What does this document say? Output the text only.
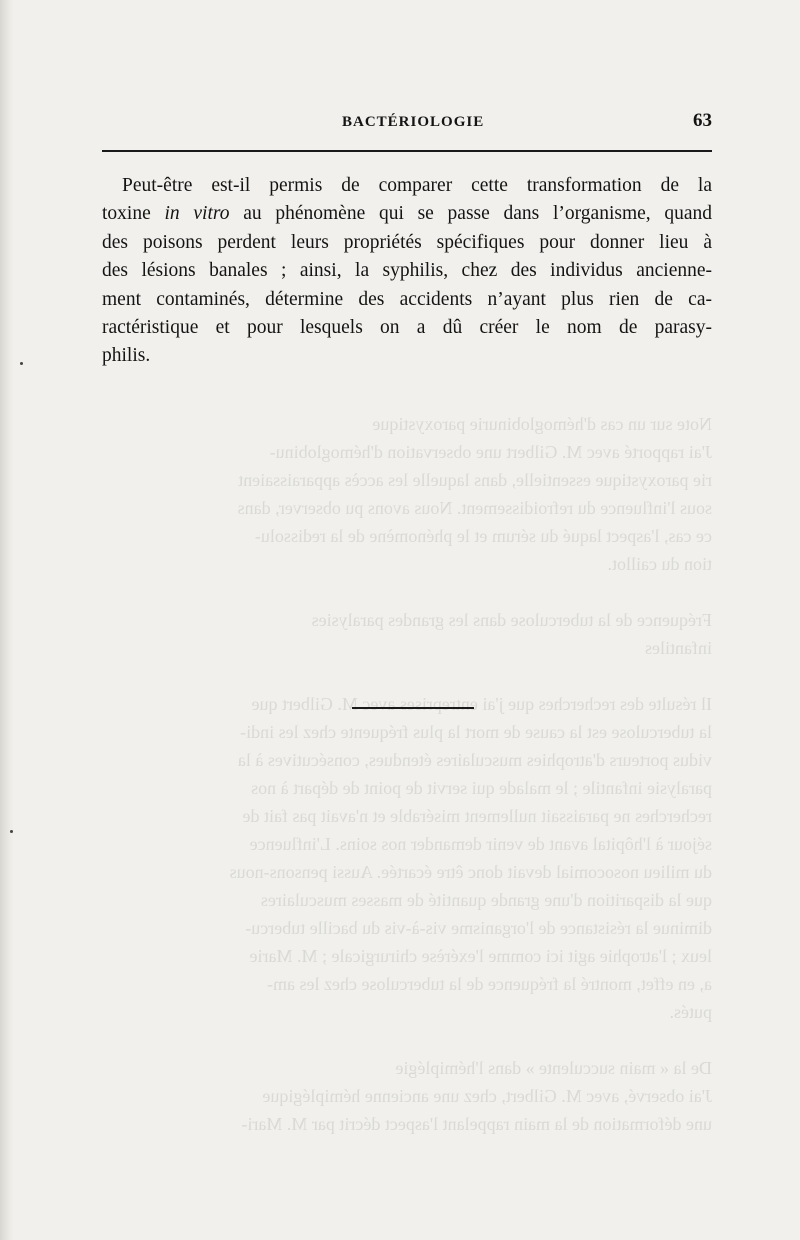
Note sur un cas d'hémoglobinurie paroxystique
J'ai rapporté avec M. Gilbert une observation d'hémoglobinu-
rie paroxystique essentielle, dans laquelle les accès apparaissaient
sous l'influence du refroidissement. Nous avons pu observer, dans
ce cas, l'aspect laqué du sérum et le phénomène de la redissolu-
tion du caillot.
Fréquence de la tuberculose dans les grandes paralysies
infantiles
Il résulte des recherches que j'ai entreprises avec M. Gilbert que
la tuberculose est la cause de mort la plus fréquente chez les indi-
vidus porteurs d'atrophies musculaires étendues, consécutives à la
paralysie infantile ; le malade qui servit de point de départ à nos
recherches ne paraissait nullement misérable et n'avait pas fait de
séjour à l'hôpital avant de venir demander nos soins. L'influence
du milieu nosocomial devait donc être écartée. Aussi pensons-nous
que la disparition d'une grande quantité de masses musculaires
diminue la résistance de l'organisme vis-à-vis du bacille tubercu-
leux ; l'atrophie agit ici comme l'exérèse chirurgicale ; M. Marie
a, en effet, montré la fréquence de la tuberculose chez les am-
putés.
De la « main succulente » dans l'hémiplégie
J'ai observé, avec M. Gilbert, chez une ancienne hémiplégique
une déformation de la main rappelant l'aspect décrit par M. Mari-
BACTÉRIOLOGIE	63

Peut-être est-il permis de comparer cette transformation de la
toxine in vitro au phénomène qui se passe dans l’organisme, quand
des poisons perdent leurs propriétés spécifiques pour donner lieu à
des lésions banales ; ainsi, la syphilis, chez des individus ancienne-
ment contaminés, détermine des accidents n’ayant plus rien de ca-
ractéristique et pour lesquels on a dû créer le nom de parasy-
philis.
